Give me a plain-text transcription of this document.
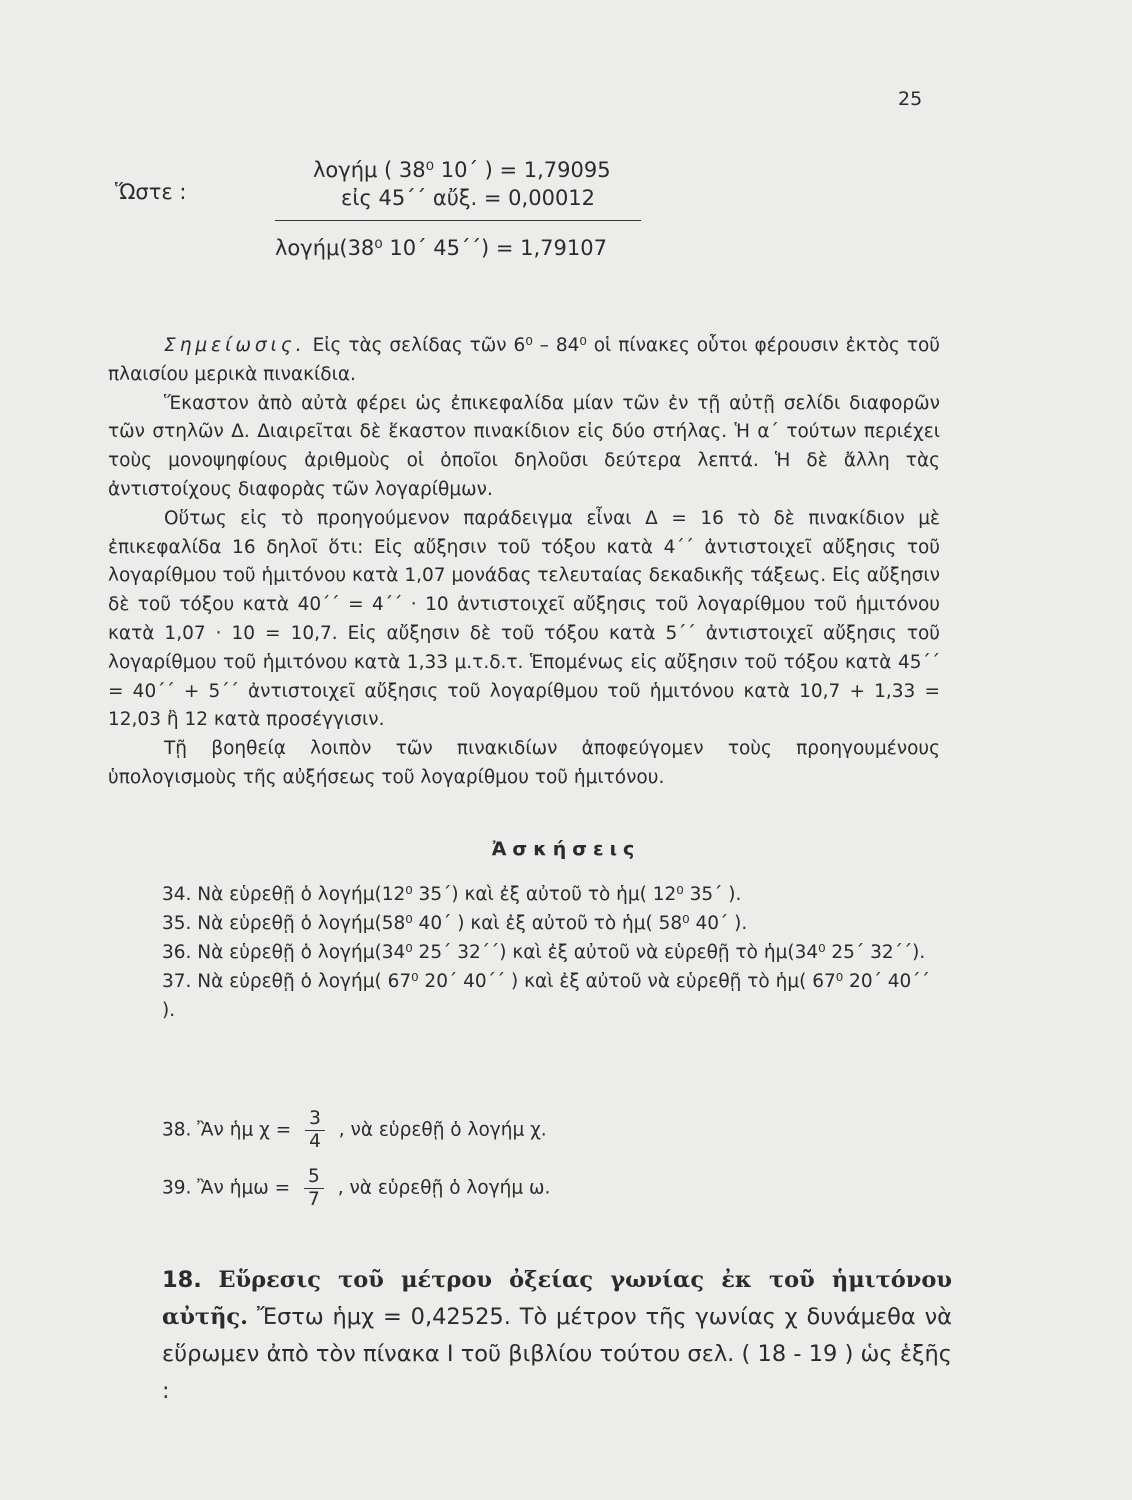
25
Ὥστε :
λογήμ ( 38⁰ 10΄ ) = 1,79095
εἰς 45΄΄ αὔξ. = 0,00012
λογήμ(38⁰ 10΄ 45΄΄) = 1,79107

Σημείωσις. Εἰς τὰς σελίδας τῶν 6⁰ – 84⁰ οἱ πίνακες οὗτοι φέρουσιν ἐκτὸς τοῦ πλαισίου μερικὰ πινακίδια.

Ἕκαστον ἀπὸ αὐτὰ φέρει ὡς ἐπικεφαλίδα μίαν τῶν ἐν τῇ αὐτῇ σελίδι διαφορῶν τῶν στηλῶν Δ. Διαιρεῖται δὲ ἕκαστον πινακίδιον εἰς δύο στήλας. Ἡ α΄ τούτων περιέχει τοὺς μονοψηφίους ἀριθμοὺς οἱ ὁποῖοι δηλοῦσι δεύτερα λεπτά. Ἡ δὲ ἄλλη τὰς ἀντιστοίχους διαφορὰς τῶν λογαρίθμων.

Οὕτως εἰς τὸ προηγούμενον παράδειγμα εἶναι Δ = 16 τὸ δὲ πινακίδιον μὲ ἐπικεφαλίδα 16 δηλοῖ ὅτι: Εἰς αὔξησιν τοῦ τόξου κατὰ 4΄΄ ἀντιστοιχεῖ αὔξησις τοῦ λογαρίθμου τοῦ ἡμιτόνου κατὰ 1,07 μονάδας τελευταίας δεκαδικῆς τάξεως. Εἰς αὔξησιν δὲ τοῦ τόξου κατὰ 40΄΄ = 4΄΄ · 10 ἀντιστοιχεῖ αὔξησις τοῦ λογαρίθμου τοῦ ἡμιτόνου κατὰ 1,07 · 10 = 10,7. Εἰς αὔξησιν δὲ τοῦ τόξου κατὰ 5΄΄ ἀντιστοιχεῖ αὔξησις τοῦ λογαρίθμου τοῦ ἡμιτόνου κατὰ 1,33 μ.τ.δ.τ. Ἑπομένως εἰς αὔξησιν τοῦ τόξου κατὰ 45΄΄ = 40΄΄ + 5΄΄ ἀντιστοιχεῖ αὔξησις τοῦ λογαρίθμου τοῦ ἡμιτόνου κατὰ 10,7 + 1,33 = 12,03 ἢ 12 κατὰ προσέγγισιν.

Τῇ βοηθείᾳ λοιπὸν τῶν πινακιδίων ἀποφεύγομεν τοὺς προηγουμένους ὑπολογισμοὺς τῆς αὐξήσεως τοῦ λογαρίθμου τοῦ ἡμιτόνου.

Ἀσκήσεις

34. Νὰ εὑρεθῇ ὁ λογήμ(12⁰ 35΄) καὶ ἐξ αὐτοῦ τὸ ἡμ( 12⁰ 35΄ ).

35. Νὰ εὑρεθῇ ὁ λογήμ(58⁰ 40΄ ) καὶ ἐξ αὐτοῦ τὸ ἡμ( 58⁰ 40΄ ).

36. Νὰ εὑρεθῇ ὁ λογήμ(34⁰ 25΄ 32΄΄) καὶ ἐξ αὐτοῦ νὰ εὑρεθῇ τὸ ἡμ(34⁰ 25΄ 32΄΄).

37. Νὰ εὑρεθῇ ὁ λογήμ( 67⁰ 20΄ 40΄΄ ) καὶ ἐξ αὐτοῦ νὰ εὑρεθῇ τὸ ἡμ( 67⁰ 20΄ 40΄΄ ).

38. Ἂν ἡμ $\chi = \frac{3}{4}$ , νὰ εὑρεθῇ ὁ λογήμ χ.
39. Ἂν ἡμω = $\frac{5}{7}$ , νὰ εὑρεθῇ ὁ λογήμ ω.

18. Εὕρεσις τοῦ μέτρου ὀξείας γωνίας ἐκ τοῦ ἡμιτόνου αὐτῆς. Ἔστω ἡμχ = 0,42525. Τὸ μέτρον τῆς γωνίας χ δυνάμεθα νὰ εὕρωμεν ἀπὸ τὸν πίνακα I τοῦ βιβλίου τούτου σελ. ( 18 - 19 ) ὡς ἑξῆς :
